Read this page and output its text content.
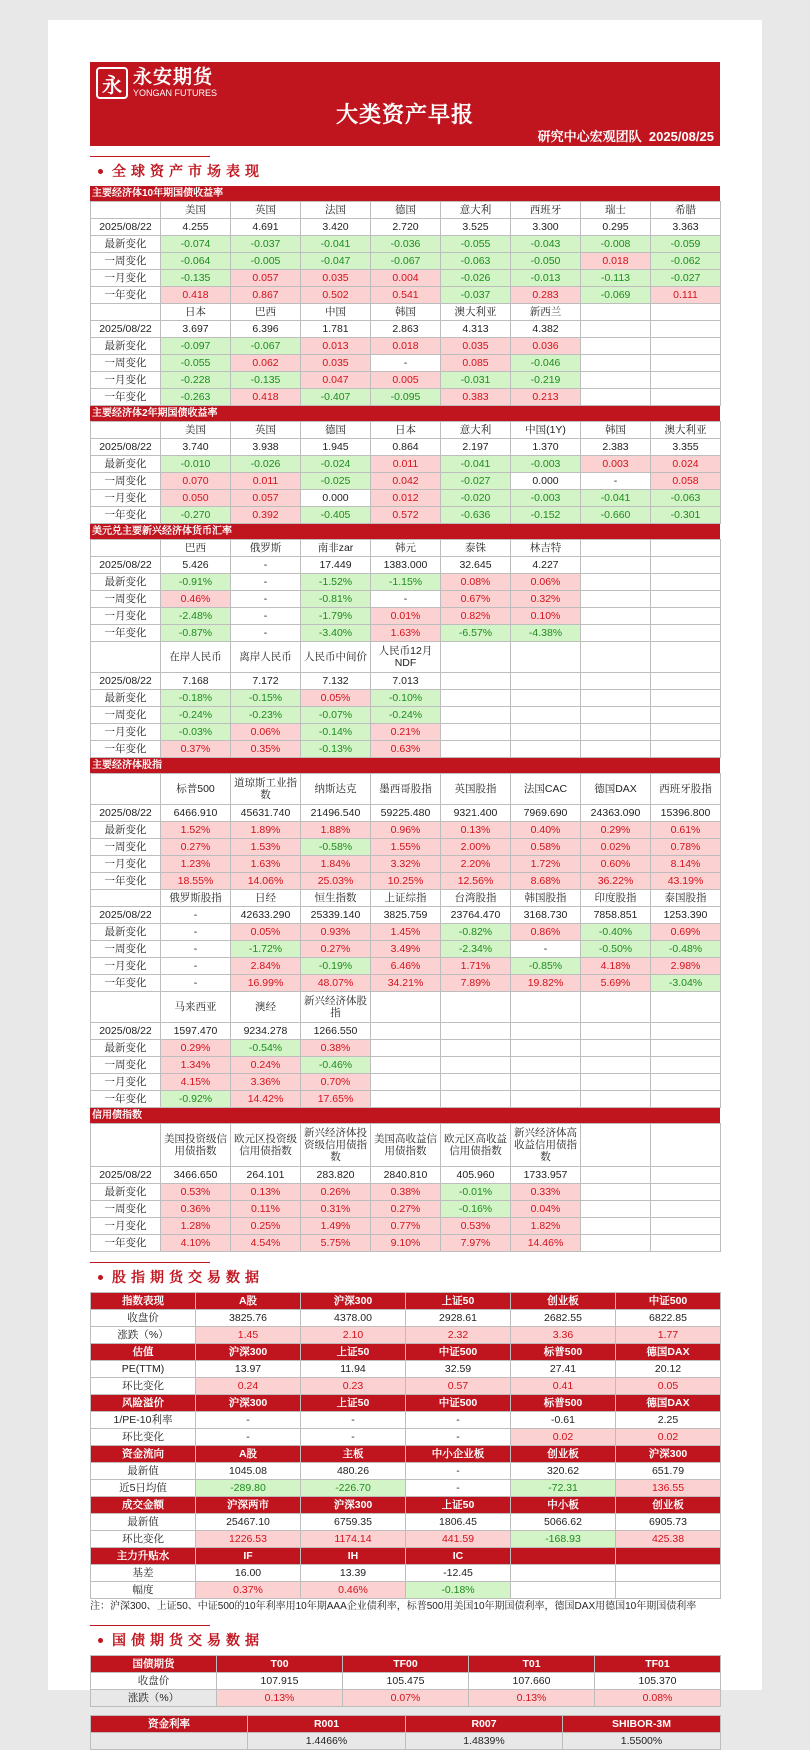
永 永安期货
YONGAN FUTURES
大类资产早报
研究中心宏观团队 2025/08/25
全球资产市场表现
主要经济体10年期国债收益率
	美国	英国	法国	德国	意大利	西班牙	瑞士	希腊
2025/08/22	4.255	4.691	3.420	2.720	3.525	3.300	0.295	3.363
最新变化	-0.074	-0.037	-0.041	-0.036	-0.055	-0.043	-0.008	-0.059
一周变化	-0.064	-0.005	-0.047	-0.067	-0.063	-0.050	0.018	-0.062
一月变化	-0.135	0.057	0.035	0.004	-0.026	-0.013	-0.113	-0.027
一年变化	0.418	0.867	0.502	0.541	-0.037	0.283	-0.069	0.111
	日本	巴西	中国	韩国	澳大利亚	新西兰		
2025/08/22	3.697	6.396	1.781	2.863	4.313	4.382		
最新变化	-0.097	-0.067	0.013	0.018	0.035	0.036		
一周变化	-0.055	0.062	0.035	-	0.085	-0.046		
一月变化	-0.228	-0.135	0.047	0.005	-0.031	-0.219		
一年变化	-0.263	0.418	-0.407	-0.095	0.383	0.213		
主要经济体2年期国债收益率
	美国	英国	德国	日本	意大利	中国(1Y)	韩国	澳大利亚
2025/08/22	3.740	3.938	1.945	0.864	2.197	1.370	2.383	3.355
最新变化	-0.010	-0.026	-0.024	0.011	-0.041	-0.003	0.003	0.024
一周变化	0.070	0.011	-0.025	0.042	-0.027	0.000	-	0.058
一月变化	0.050	0.057	0.000	0.012	-0.020	-0.003	-0.041	-0.063
一年变化	-0.270	0.392	-0.405	0.572	-0.636	-0.152	-0.660	-0.301
美元兑主要新兴经济体货币汇率
	巴西	俄罗斯	南非zar	韩元	泰铢	林吉特		
2025/08/22	5.426	-	17.449	1383.000	32.645	4.227		
最新变化	-0.91%	-	-1.52%	-1.15%	0.08%	0.06%		
一周变化	0.46%	-	-0.81%	-	0.67%	0.32%		
一月变化	-2.48%	-	-1.79%	0.01%	0.82%	0.10%		
一年变化	-0.87%	-	-3.40%	1.63%	-6.57%	-4.38%		
	在岸人民币	离岸人民币	人民币中间价	人民币12月NDF				
2025/08/22	7.168	7.172	7.132	7.013				
最新变化	-0.18%	-0.15%	0.05%	-0.10%				
一周变化	-0.24%	-0.23%	-0.07%	-0.24%				
一月变化	-0.03%	0.06%	-0.14%	0.21%				
一年变化	0.37%	0.35%	-0.13%	0.63%				
主要经济体股指
	标普500	道琼斯工业指数	纳斯达克	墨西哥股指	英国股指	法国CAC	德国DAX	西班牙股指
2025/08/22	6466.910	45631.740	21496.540	59225.480	9321.400	7969.690	24363.090	15396.800
最新变化	1.52%	1.89%	1.88%	0.96%	0.13%	0.40%	0.29%	0.61%
一周变化	0.27%	1.53%	-0.58%	1.55%	2.00%	0.58%	0.02%	0.78%
一月变化	1.23%	1.63%	1.84%	3.32%	2.20%	1.72%	0.60%	8.14%
一年变化	18.55%	14.06%	25.03%	10.25%	12.56%	8.68%	36.22%	43.19%
	俄罗斯股指	日经	恒生指数	上证综指	台湾股指	韩国股指	印度股指	泰国股指
2025/08/22	-	42633.290	25339.140	3825.759	23764.470	3168.730	7858.851	1253.390
最新变化	-	0.05%	0.93%	1.45%	-0.82%	0.86%	-0.40%	0.69%
一周变化	-	-1.72%	0.27%	3.49%	-2.34%	-	-0.50%	-0.48%
一月变化	-	2.84%	-0.19%	6.46%	1.71%	-0.85%	4.18%	2.98%
一年变化	-	16.99%	48.07%	34.21%	7.89%	19.82%	5.69%	-3.04%
	马来西亚	澳经	新兴经济体股指					
2025/08/22	1597.470	9234.278	1266.550					
最新变化	0.29%	-0.54%	0.38%					
一周变化	1.34%	0.24%	-0.46%					
一月变化	4.15%	3.36%	0.70%					
一年变化	-0.92%	14.42%	17.65%					
信用债指数
	美国投资级信用债指数	欧元区投资级信用债指数	新兴经济体投资级信用债指数	美国高收益信用债指数	欧元区高收益信用债指数	新兴经济体高收益信用债指数		
2025/08/22	3466.650	264.101	283.820	2840.810	405.960	1733.957		
最新变化	0.53%	0.13%	0.26%	0.38%	-0.01%	0.33%		
一周变化	0.36%	0.11%	0.31%	0.27%	-0.16%	0.04%		
一月变化	1.28%	0.25%	1.49%	0.77%	0.53%	1.82%		
一年变化	4.10%	4.54%	5.75%	9.10%	7.97%	14.46%		
股指期货交易数据
指数表现	A股	沪深300	上证50	创业板	中证500
收盘价	3825.76	4378.00	2928.61	2682.55	6822.85
涨跌（%）	1.45	2.10	2.32	3.36	1.77
估值	沪深300	上证50	中证500	标普500	德国DAX
PE(TTM)	13.97	11.94	32.59	27.41	20.12
环比变化	0.24	0.23	0.57	0.41	0.05
风险溢价	沪深300	上证50	中证500	标普500	德国DAX
1/PE-10利率	-	-	-	-0.61	2.25
环比变化	-	-	-	0.02	0.02
资金流向	A股	主板	中小企业板	创业板	沪深300
最新值	1045.08	480.26	-	320.62	651.79
近5日均值	-289.80	-226.70	-	-72.31	136.55
成交金额	沪深两市	沪深300	上证50	中小板	创业板
最新值	25467.10	6759.35	1806.45	5066.62	6905.73
环比变化	1226.53	1174.14	441.59	-168.93	425.38
主力升贴水	IF	IH	IC		
基差	16.00	13.39	-12.45		
幅度	0.37%	0.46%	-0.18%		
注：沪深300、上证50、中证500的10年利率用10年期AAA企业债利率，标普500用美国10年期国债利率，德国DAX用德国10年期国债利率
国债期货交易数据
国债期货	T00	TF00	T01	TF01
收盘价	107.915	105.475	107.660	105.370
涨跌（%）	0.13%	0.07%	0.13%	0.08%
资金利率	R001	R007	SHIBOR-3M
	1.4466%	1.4839%	1.5500%
